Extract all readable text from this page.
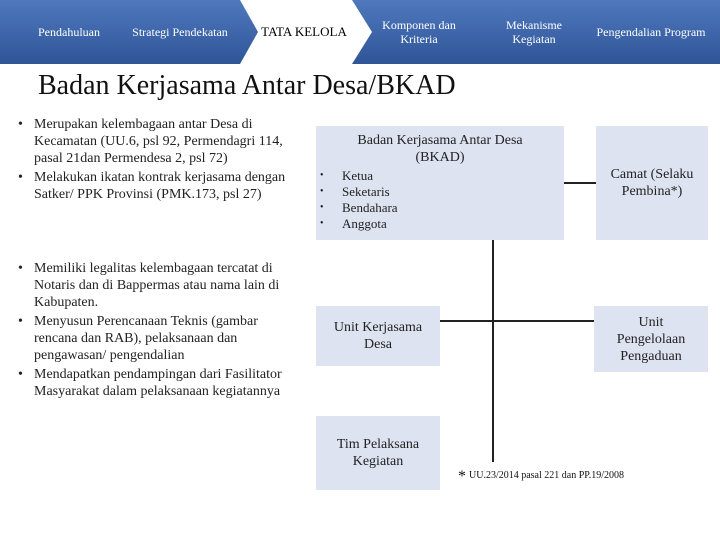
Pendahuluan	Strategi Pendekatan	TATA KELOLA	Komponen dan Kriteria
Mekanisme Kegiatan	Pengendalian Program
Badan Kerjasama Antar Desa/BKAD
• Merupakan kelembagaan antar Desa di Kecamatan (UU.6, psl 92, Permendagri 114, pasal 21dan Permendesa 2, psl 72)
• Melakukan ikatan kontrak kerjasama dengan Satker/ PPK Provinsi (PMK.173, psl 27)
• Memiliki legalitas kelembagaan tercatat di Notaris dan di Bappermas atau nama lain di Kabupaten.
• Menyusun Perencanaan Teknis (gambar rencana dan RAB), pelaksanaan dan pengawasan/ pengendalian
• Mendapatkan pendampingan dari Fasilitator Masyarakat dalam pelaksanaan kegiatannya
Badan Kerjasama Antar Desa (BKAD)
• Ketua
• Seketaris
• Bendahara
• Anggota
Camat (Selaku Pembina*)
Unit Kerjasama Desa
Unit Pengelolaan Pengaduan
Tim Pelaksana Kegiatan
* UU.23/2014 pasal 221 dan PP.19/2008
